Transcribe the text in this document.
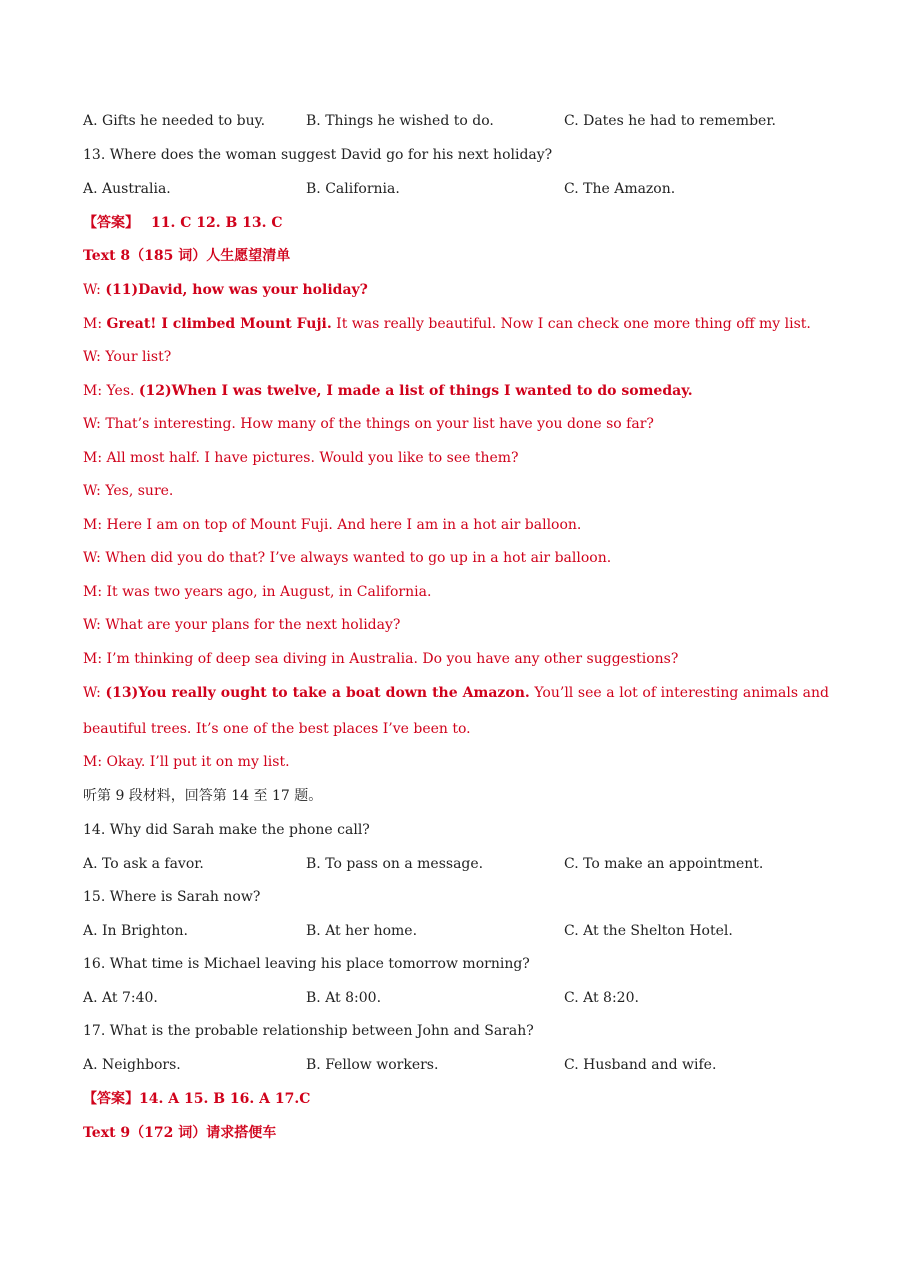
A. Gifts he needed to buy.	B. Things he wished to do.	C. Dates he had to remember.
13. Where does the woman suggest David go for his next holiday?
A. Australia.	B. California.	C. The Amazon.
【答案】 11. C 12. B 13. C
Text 8（185 词）人生愿望清单
W: (11)David, how was your holiday?
M: Great! I climbed Mount Fuji. It was really beautiful. Now I can check one more thing off my list.
W: Your list?
M: Yes. (12)When I was twelve, I made a list of things I wanted to do someday.
W: That’s interesting. How many of the things on your list have you done so far?
M: All most half. I have pictures. Would you like to see them?
W: Yes, sure.
M: Here I am on top of Mount Fuji. And here I am in a hot air balloon.
W: When did you do that? I’ve always wanted to go up in a hot air balloon.
M: It was two years ago, in August, in California.
W: What are your plans for the next holiday?
M: I’m thinking of deep sea diving in Australia. Do you have any other suggestions?
W: (13)You really ought to take a boat down the Amazon. You’ll see a lot of interesting animals and beautiful trees. It’s one of the best places I’ve been to.
M: Okay. I’ll put it on my list.
听第 9 段材料，回答第 14 至 17 题。
14. Why did Sarah make the phone call?
A. To ask a favor.	B. To pass on a message.	C. To make an appointment.
15. Where is Sarah now?
A. In Brighton.	B. At her home.	C. At the Shelton Hotel.
16. What time is Michael leaving his place tomorrow morning?
A. At 7:40.	B. At 8:00.	C. At 8:20.
17. What is the probable relationship between John and Sarah?
A. Neighbors.	B. Fellow workers.	C. Husband and wife.
【答案】14. A 15. B 16. A 17.C
Text 9（172 词）请求搭便车
